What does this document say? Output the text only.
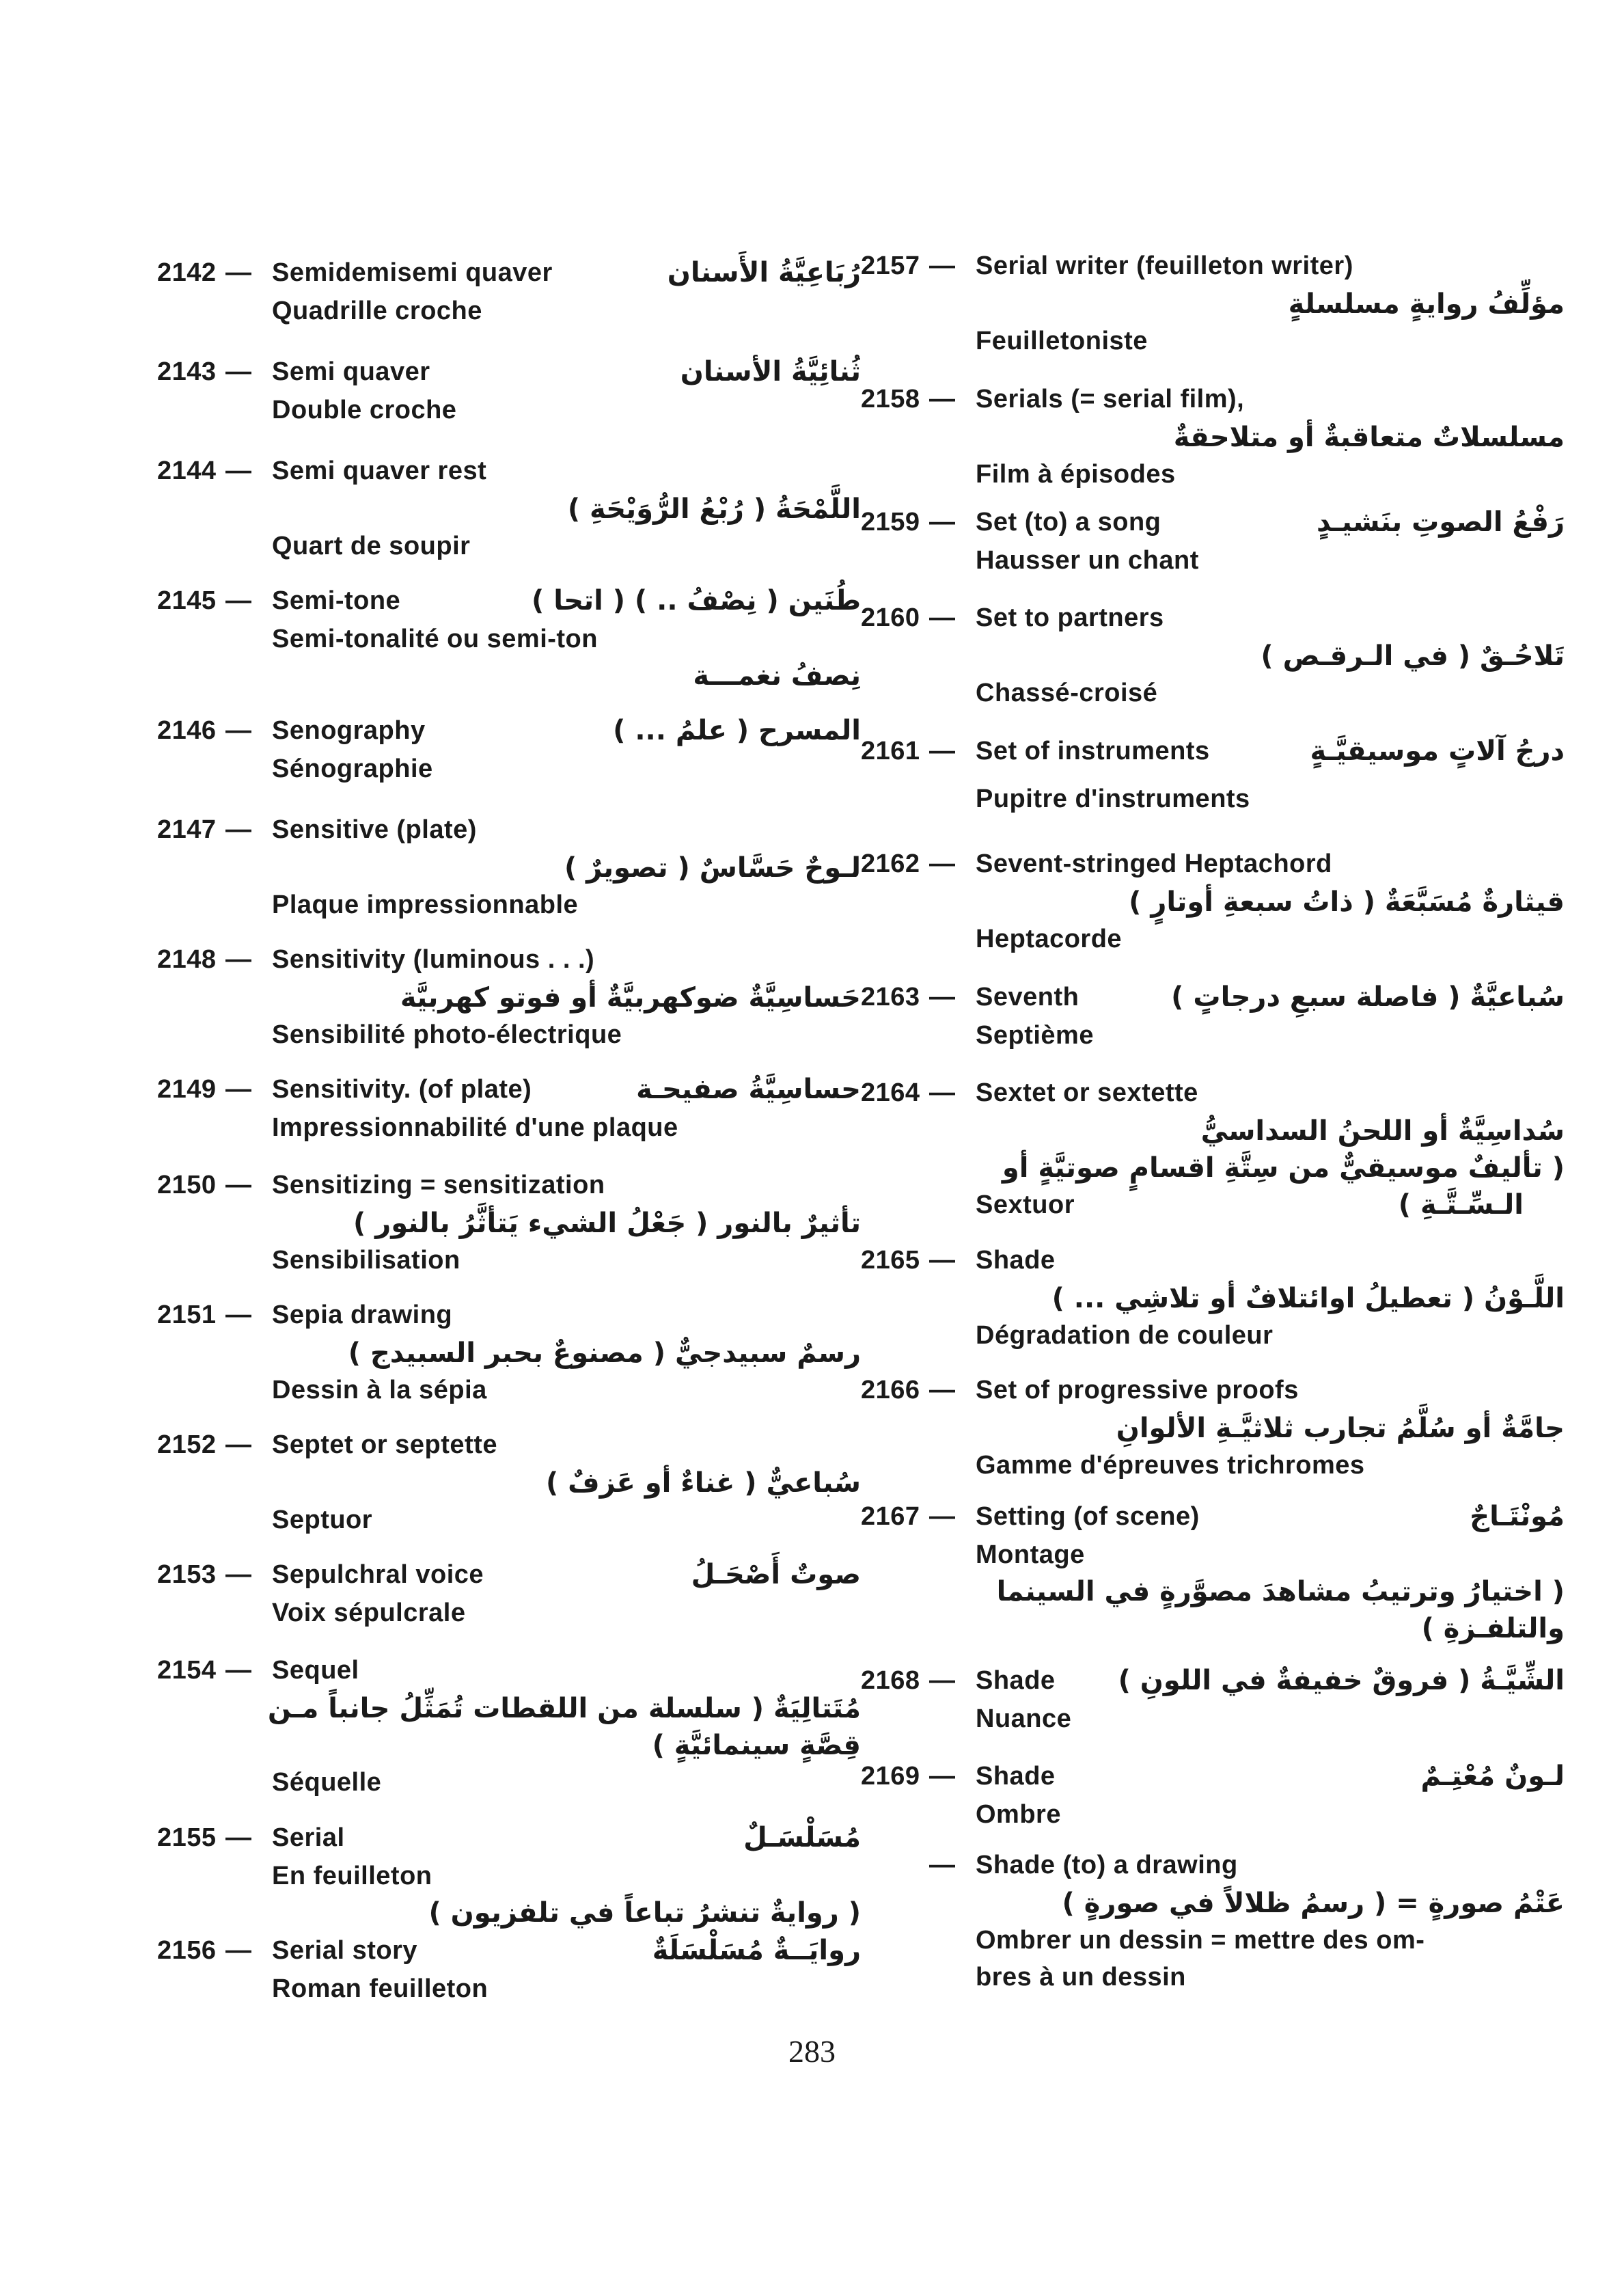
2142 — Semidemisemi quaver	رُبَاعِيَّةُ الأَسنان
Quadrille croche
2143 — Semi quaver	ثُنائِيَّةُ الأسنان
Double croche
2144 — Semi quaver rest
اللَّمْحَةُ ( رُبْعُ الرُّوَيْحَةِ )
Quart de soupir
2145 — Semi-tone	طُنَين ( نِصْفُ .. ) ( اتحا )
Semi-tonalité ou semi-ton
نِصفُ نغمـــة
2146 — Senography	المسرح ( علمُ ... )
Sénographie
2147 — Sensitive (plate)
لـوحٌ حَسَّاسٌ ( تصويرٌ )
Plaque impressionnable
2148 — Sensitivity (luminous . . .)
حَساسِيَّةٌ ضوكهربيَّةٌ أو فوتو كهربيَّة
Sensibilité photo-électrique
2149 — Sensitivity. (of plate)	حساسِيَّةُ صفيحـة
Impressionnabilité d'une plaque
2150 — Sensitizing = sensitization
تأثيرٌ بالنور ( جَعْلُ الشيء يَتأثَّرُ بالنور )
Sensibilisation
2151 — Sepia drawing
رسمٌ سبيدجيٌّ ( مصنوعٌ بحبر السبيدج )
Dessin à la sépia
2152 — Septet or septette
سُباعيٌّ ( غناءٌ أو عَزفٌ )
Septuor
2153 — Sepulchral voice	صوتٌ أَصْحَـلُ
Voix sépulcrale
2154 — Sequel
مُتَتالِيَةٌ ( سلسلة من اللقطات تُمَثِّلُ جانباً مـن
قِصَّةٍ سينمائيَّةٍ )
Séquelle
2155 — Serial	مُسَلْسَـلٌ
En feuilleton
( روايةٌ تنشرُ تباعاً في تلفزيون )
2156 — Serial story	روايَــةٌ مُسَلْسَلَةٌ
Roman feuilleton
2157 — Serial writer (feuilleton writer)
مؤلِّفُ روايةٍ مسلسلةٍ
Feuilletoniste
2158 — Serials (= serial film),
مسلسلاتٌ متعاقبةٌ أو متلاحقةٌ
Film à épisodes
2159 — Set (to) a song	رَفْعُ الصوتِ بنَشيـدٍ
Hausser un chant
2160 — Set to partners
تَلاحُـقٌ ( في الـرقـص )
Chassé-croisé
2161 — Set of instruments	درجُ آلاتٍ موسيقيَّـةٍ
Pupitre d'instruments
2162 — Sevent-stringed Heptachord
قيثارةٌ مُسَبَّعَةٌ ( ذاتُ سبعةِ أوتارٍ )
Heptacorde
2163 — Seventh	سُباعيَّةٌ ( فاصلة سبعِ درجاتٍ )
Septième
2164 — Sextet or sextette
سُداسِيَّةٌ أو اللحنُ السداسيُّ
( تأليفٌ موسيقيٌّ من سِتَّةِ اقسامٍ صوتيَّةٍ أو
Sextuor	الـسِّـتَّـةِ )
2165 — Shade
اللَّـوْنُ ( تعطيلُ اوائتلافٌ أو تلاشِي ... )
Dégradation de couleur
2166 — Set of progressive proofs
جامَّةٌ أو سُلَّمُ تجارب ثلاثيَّـةِ الألوانِ
Gamme d'épreuves trichromes
2167 — Setting (of scene)	مُونْتَـاجٌ
Montage
( اختيارُ وترتيبُ مشاهدَ مصوَّرةٍ في السينما
والتلفـزةِ )
2168 — Shade الشِّيَّـةُ ( فروقٌ خفيفةٌ في اللونِ )
Nuance
2169 — Shade	لـونٌ مُعْتِـمٌ
Ombre
— Shade (to) a drawing
عَتْمُ صورةٍ = ( رسمُ ظلالاً في صورةٍ )
Ombrer un dessin = mettre des om-
bres à un dessin
283
